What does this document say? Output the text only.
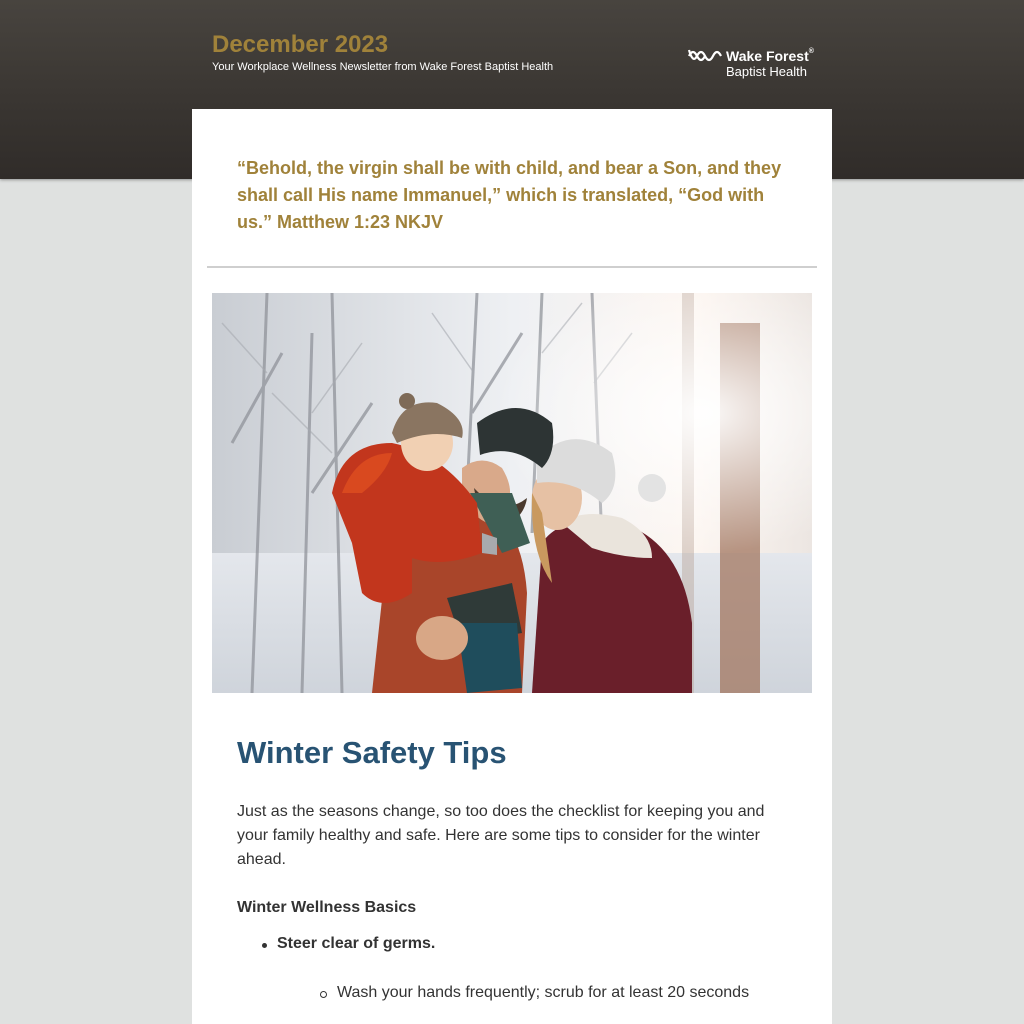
December 2023
Your Workplace Wellness Newsletter from Wake Forest Baptist Health
Wake Forest®
Baptist Health
“Behold, the virgin shall be with child, and bear a Son, and they shall call His name Immanuel,” which is translated, “God with us.” Matthew 1:23 NKJV
Winter Safety Tips
Just as the seasons change, so too does the checklist for keeping you and your family healthy and safe. Here are some tips to consider for the winter ahead.
Winter Wellness Basics
Steer clear of germs.
Wash your hands frequently; scrub for at least 20 seconds
